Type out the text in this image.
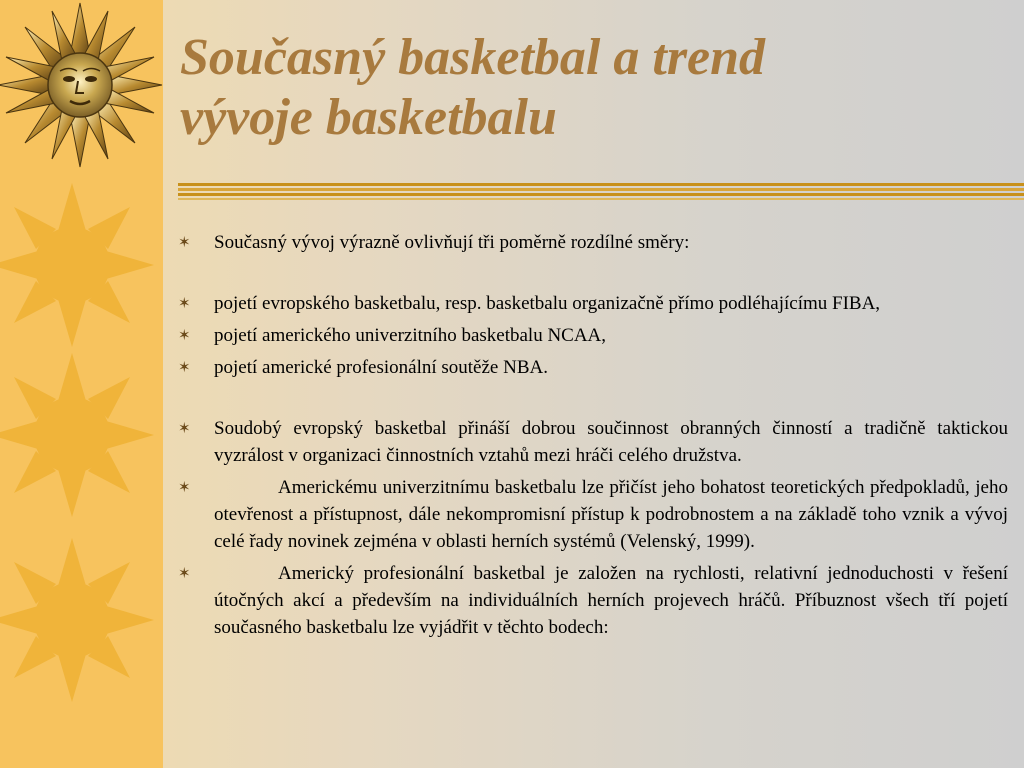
Současný basketbal a trend
vývoje basketbalu
✶ Současný vývoj výrazně ovlivňují tři poměrně rozdílné směry:
✶ pojetí evropského basketbalu, resp. basketbalu organizačně přímo podléhajícímu FIBA,
✶ pojetí amerického univerzitního basketbalu NCAA,
✶ pojetí americké profesionální soutěže NBA.
✶ Soudobý evropský basketbal přináší dobrou součinnost obranných činností a tradičně taktickou vyzrálost v organizaci činnostních vztahů mezi hráči celého družstva.
✶	Americkému univerzitnímu basketbalu lze přičíst jeho bohatost teoretických předpokladů, jeho otevřenost a přístupnost, dále nekompromisní přístup k podrobnostem a na základě toho vznik a vývoj celé řady novinek zejména v oblasti herních systémů (Velenský, 1999).
✶	Americký profesionální basketbal je založen na rychlosti, relativní jednoduchosti v řešení útočných akcí a především na individuálních herních projevech hráčů. Příbuznost všech tří pojetí současného basketbalu lze vyjádřit v těchto bodech:
